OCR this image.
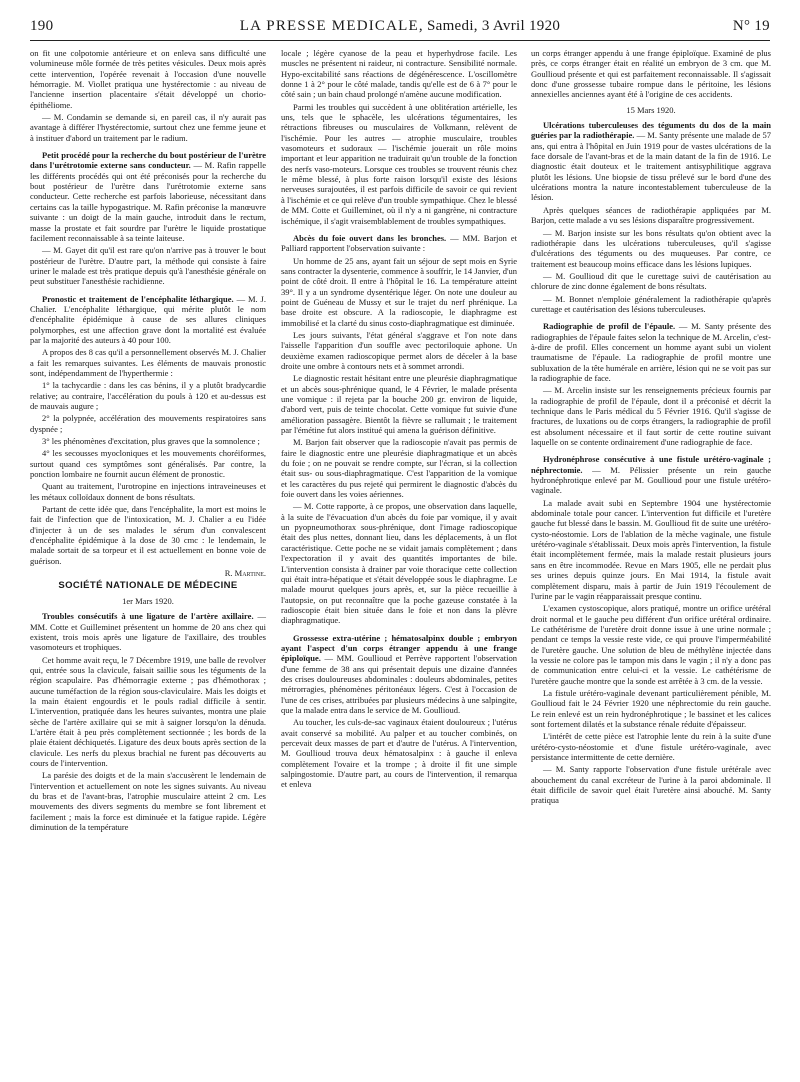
190	LA PRESSE MEDICALE, Samedi, 3 Avril 1920	N° 19

on fit une colpotomie antérieure et on enleva sans difficulté une volumineuse môle formée de très petites vésicules. Deux mois après cette intervention, l'opérée revenait à l'occasion d'une nouvelle hémorragie. M. Viollet pratiqua une hystérectomie : au niveau de l'ancienne insertion placentaire s'était développé un chorio-épithéliome.

— M. Condamin se demande si, en pareil cas, il n'y aurait pas avantage à différer l'hystérectomie, surtout chez une femme jeune et à instituer d'abord un traitement par le radium.

Petit procédé pour la recherche du bout postérieur de l'urètre dans l'urétrotomie externe sans conducteur. — M. Rafin rappelle les différents procédés qui ont été préconisés pour la recherche du bout postérieur de l'urètre dans l'urétrotomie externe sans conducteur. Cette recherche est parfois laborieuse, nécessitant dans certains cas la taille hypogastrique. M. Rafin préconise la manœuvre suivante : un doigt de la main gauche, introduit dans le rectum, masse la prostate et fait sourdre par l'urètre le liquide prostatique facilement reconnaissable à sa teinte laiteuse.

— M. Gayet dit qu'il est rare qu'on n'arrive pas à trouver le bout postérieur de l'urètre. D'autre part, la méthode qui consiste à faire uriner le malade est très pratique depuis qu'à l'anesthésie générale on peut substituer l'anesthésie rachidienne.

Pronostic et traitement de l'encéphalite léthargique. — M. J. Chalier. L'encéphalite léthargique, qui mérite plutôt le nom d'encéphalite épidémique à cause de ses allures cliniques polymorphes, est une affection grave dont la mortalité est évaluée par la majorité des auteurs à 40 pour 100.

A propos des 8 cas qu'il a personnellement observés M. J. Chalier a fait les remarques suivantes. Les éléments de mauvais pronostic sont, indépendamment de l'hyperthermie :

1° la tachycardie : dans les cas bénins, il y a plutôt bradycardie relative; au contraire, l'accélération du pouls à 120 et au-dessus est de mauvais augure ;

2° la polypnée, accélération des mouvements respiratoires sans dyspnée ;

3° les phénomènes d'excitation, plus graves que la somnolence ;

4° les secousses myocloniques et les mouvements choréiformes, surtout quand ces symptômes sont généralisés. Par contre, la ponction lombaire ne fournit aucun élément de pronostic.

Quant au traitement, l'urotropine en injections intraveineuses et les métaux colloïdaux donnent de bons résultats.

Partant de cette idée que, dans l'encéphalite, la mort est moins le fait de l'infection que de l'intoxication, M. J. Chalier a eu l'idée d'injecter à un de ses malades le sérum d'un convalescent d'encéphalite épidémique à la dose de 30 cmc : le lendemain, le malade sortait de sa torpeur et il est actuellement en bonne voie de guérison.

R. Martine.

SOCIÉTÉ NATIONALE DE MÉDECINE

1er Mars 1920.

Troubles consécutifs à une ligature de l'artère axillaire. — MM. Cotte et Guilleminet présentent un homme de 20 ans chez qui existent, trois mois après une ligature de l'axillaire, des troubles vasomoteurs et trophiques.

Cet homme avait reçu, le 7 Décembre 1919, une balle de revolver qui, entrée sous la clavicule, faisait saillie sous les téguments de la région scapulaire. Pas d'hémorragie externe ; pas d'hémothorax ; aucune tuméfaction de la région sous-claviculaire. Mais les doigts et la main étaient engourdis et le pouls radial difficile à sentir. L'intervention, pratiquée dans les heures suivantes, montra une plaie sèche de l'artère axillaire qui se mit à saigner lorsqu'on la dénuda. L'artère était à peu près complètement sectionnée ; les bords de la plaie étaient déchiquetés. Ligature des deux bouts après section de la clavicule. Les nerfs du plexus brachial ne furent pas découverts au cours de l'intervention.

La parésie des doigts et de la main s'accusèrent le lendemain de l'intervention et actuellement on note les signes suivants. Au niveau du bras et de l'avant-bras, l'atrophie musculaire atteint 2 cm. Les mouvements des divers segments du membre se font librement et facilement ; mais la force est diminuée et la fatigue rapide. Légère diminution de la température

locale ; légère cyanose de la peau et hyperhydrose facile. Les muscles ne présentent ni raideur, ni contracture. Sensibilité normale. Hypo-excitabilité sans réactions de dégénérescence. L'oscillomètre donne 1 à 2° pour le côté malade, tandis qu'elle est de 6 à 7° pour le côté sain ; un bain chaud prolongé n'amène aucune modification.

Parmi les troubles qui succèdent à une oblitération artérielle, les uns, tels que le sphacèle, les ulcérations tégumentaires, les rétractions fibreuses ou musculaires de Volkmann, relèvent de l'ischémie. Pour les autres — atrophie musculaire, troubles vasomoteurs et sudoraux — l'ischémie jouerait un rôle moins important et leur apparition ne traduirait qu'un trouble de la fonction des nerfs vaso-moteurs. Lorsque ces troubles se trouvent réunis chez le même blessé, à plus forte raison lorsqu'il existe des lésions nerveuses surajoutées, il est parfois difficile de savoir ce qui revient à l'ischémie et ce qui relève d'un trouble sympathique. Chez le blessé de MM. Cotte et Guilleminet, où il n'y a ni gangrène, ni contracture ischémique, il s'agit vraisemblablement de troubles sympathiques.

Abcès du foie ouvert dans les bronches. — MM. Barjon et Palliard rapportent l'observation suivante :

Un homme de 25 ans, ayant fait un séjour de sept mois en Syrie sans contracter la dysenterie, commence à souffrir, le 14 Janvier, d'un point de côté droit. Il entre à l'hôpital le 16. La température atteint 39°. Il y a un syndrome dysentérique léger. On note une douleur au point de Guéneau de Mussy et sur le trajet du nerf phrénique. La base droite est obscure. A la radioscopie, le diaphragme est immobilisé et la clarté du sinus costo-diaphragmatique est diminuée.

Les jours suivants, l'état général s'aggrave et l'on note dans l'aisselle l'apparition d'un souffle avec pectoriloquie aphone. Un deuxième examen radioscopique permet alors de déceler à la base droite une ombre à contours nets et à sommet arrondi.

Le diagnostic restait hésitant entre une pleurésie diaphragmatique et un abcès sous-phrénique quand, le 4 Février, le malade présenta une vomique : il rejeta par la bouche 200 gr. environ de liquide, d'abord vert, puis de teinte chocolat. Cette vomique fut suivie d'une amélioration passagère. Bientôt la fièvre se rallumait ; le traitement par l'émétine fut alors institué qui amena la guérison définitive.

M. Barjon fait observer que la radioscopie n'avait pas permis de faire le diagnostic entre une pleurésie diaphragmatique et un abcès du foie ; on ne pouvait se rendre compte, sur l'écran, si la collection était sus- ou sous-diaphragmatique. C'est l'apparition de la vomique et les caractères du pus rejeté qui permirent le diagnostic d'abcès du foie ouvert dans les voies aériennes.

— M. Cotte rapporte, à ce propos, une observation dans laquelle, à la suite de l'évacuation d'un abcès du foie par vomique, il y avait un pyopneumothorax sous-phrénique, dont l'image radioscopique était des plus nettes, donnant lieu, dans les déplacements, à un flot caractéristique. Cette poche ne se vidait jamais complètement ; dans l'expectoration il y avait des quantités importantes de bile. L'intervention consista à drainer par voie thoracique cette collection qui était intra-hépatique et s'était développée sous le diaphragme. Le malade mourut quelques jours après, et, sur la pièce recueillie à l'autopsie, on put reconnaître que la poche gazeuse constatée à la radioscopie était bien située dans le foie et non dans la plèvre diaphragmatique.

Grossesse extra-utérine ; hématosalpinx double ; embryon ayant l'aspect d'un corps étranger appendu à une frange épiploïque. — MM. Goullioud et Perrève rapportent l'observation d'une femme de 38 ans qui présentait depuis une dizaine d'années des crises douloureuses abdominales : douleurs abdominales, petites métrorragies, phénomènes péritonéaux légers. C'est à l'occasion de l'une de ces crises, attribuées par plusieurs médecins à une salpingite, que la malade entra dans le service de M. Goullioud.

Au toucher, les culs-de-sac vaginaux étaient douloureux ; l'utérus avait conservé sa mobilité. Au palper et au toucher combinés, on percevait deux masses de part et d'autre de l'utérus. A l'intervention, M. Goullioud trouva deux hématosalpinx : à gauche il enleva complètement l'ovaire et la trompe ; à droite il fit une simple salpingostomie. D'autre part, au cours de l'intervention, il remarqua et enleva

un corps étranger appendu à une frange épiploïque. Examiné de plus près, ce corps étranger était en réalité un embryon de 3 cm. que M. Goullioud présente et qui est parfaitement reconnaissable. Il s'agissait donc d'une grossesse tubaire rompue dans le péritoine, les lésions annexielles anciennes ayant été à l'origine de ces accidents.

15 Mars 1920.

Ulcérations tuberculeuses des téguments du dos de la main guéries par la radiothérapie. — M. Santy présente une malade de 57 ans, qui entra à l'hôpital en Juin 1919 pour de vastes ulcérations de la face dorsale de l'avant-bras et de la main datant de la fin de 1916. Le diagnostic était douteux et le traitement antisyphilitique aggrava plutôt les lésions. Une biopsie de tissu prélevé sur le bord d'une des ulcérations montra la nature incontestablement tuberculeuse de la lésion.

Après quelques séances de radiothérapie appliquées par M. Barjon, cette malade a vu ses lésions disparaître progressivement.

— M. Barjon insiste sur les bons résultats qu'on obtient avec la radiothérapie dans les ulcérations tuberculeuses, qu'il s'agisse d'ulcérations des téguments ou des muqueuses. Par contre, ce traitement est beaucoup moins efficace dans les lésions lupiques.

— M. Goullioud dit que le curettage suivi de cautérisation au chlorure de zinc donne également de bons résultats.

— M. Bonnet n'emploie généralement la radiothérapie qu'après curettage et cautérisation des lésions tuberculeuses.

Radiographie de profil de l'épaule. — M. Santy présente des radiographies de l'épaule faites selon la technique de M. Arcelin, c'est-à-dire de profil. Elles concernent un homme ayant subi un violent traumatisme de l'épaule. La radiographie de profil montre une subluxation de la tête humérale en arrière, lésion qui ne se voit pas sur la radiographie de face.

— M. Arcelin insiste sur les renseignements précieux fournis par la radiographie de profil de l'épaule, dont il a préconisé et décrit la technique dans le Paris médical du 5 Février 1916. Qu'il s'agisse de fractures, de luxations ou de corps étrangers, la radiographie de profil est absolument nécessaire et il faut sortir de cette routine suivant laquelle on se contente ordinairement d'une radiographie de face.

Hydronéphrose consécutive à une fistule urétéro-vaginale ; néphrectomie. — M. Pélissier présente un rein gauche hydronéphrotique enlevé par M. Goullioud pour une fistule urétéro-vaginale.

La malade avait subi en Septembre 1904 une hystérectomie abdominale totale pour cancer. L'intervention fut difficile et l'uretère gauche fut blessé dans le bassin. M. Goullioud fit de suite une urétéro-cysto-néostomie. Lors de l'ablation de la mèche vaginale, une fistule urétéro-vaginale s'établissait. Deux mois après l'intervention, la fistule était incomplètement fermée, mais la malade restait plusieurs jours sans en être incommodée. Revue en Mars 1905, elle ne perdait plus ses urines depuis quinze jours. En Mai 1914, la fistule avait complètement disparu, mais à partir de Juin 1919 l'écoulement de l'urine par le vagin réapparaissait presque continu.

L'examen cystoscopique, alors pratiqué, montre un orifice urétéral droit normal et le gauche peu différent d'un orifice urétéral ordinaire. Le cathétérisme de l'uretère droit donne issue à une urine normale ; pendant ce temps la vessie reste vide, ce qui prouve l'imperméabilité de l'uretère gauche. Une solution de bleu de méthylène injectée dans la vessie ne colore pas le tampon mis dans le vagin ; il n'y a donc pas de communication entre celui-ci et la vessie. Le cathétérisme de l'uretère gauche montre que la sonde est arrêtée à 3 cm. de la vessie.

La fistule urétéro-vaginale devenant particulièrement pénible, M. Goullioud fait le 24 Février 1920 une néphrectomie du rein gauche. Le rein enlevé est un rein hydronéphrotique ; le bassinet et les calices sont fortement dilatés et la substance rénale réduite d'épaisseur.

L'intérêt de cette pièce est l'atrophie lente du rein à la suite d'une urétéro-cysto-néostomie et d'une fistule urétéro-vaginale, avec persistance intermittente de cette dernière.

— M. Santy rapporte l'observation d'une fistule urétérale avec abouchement du canal excréteur de l'urine à la paroi abdominale. Il était difficile de savoir quel était l'uretère ainsi abouché. M. Santy pratiqua
